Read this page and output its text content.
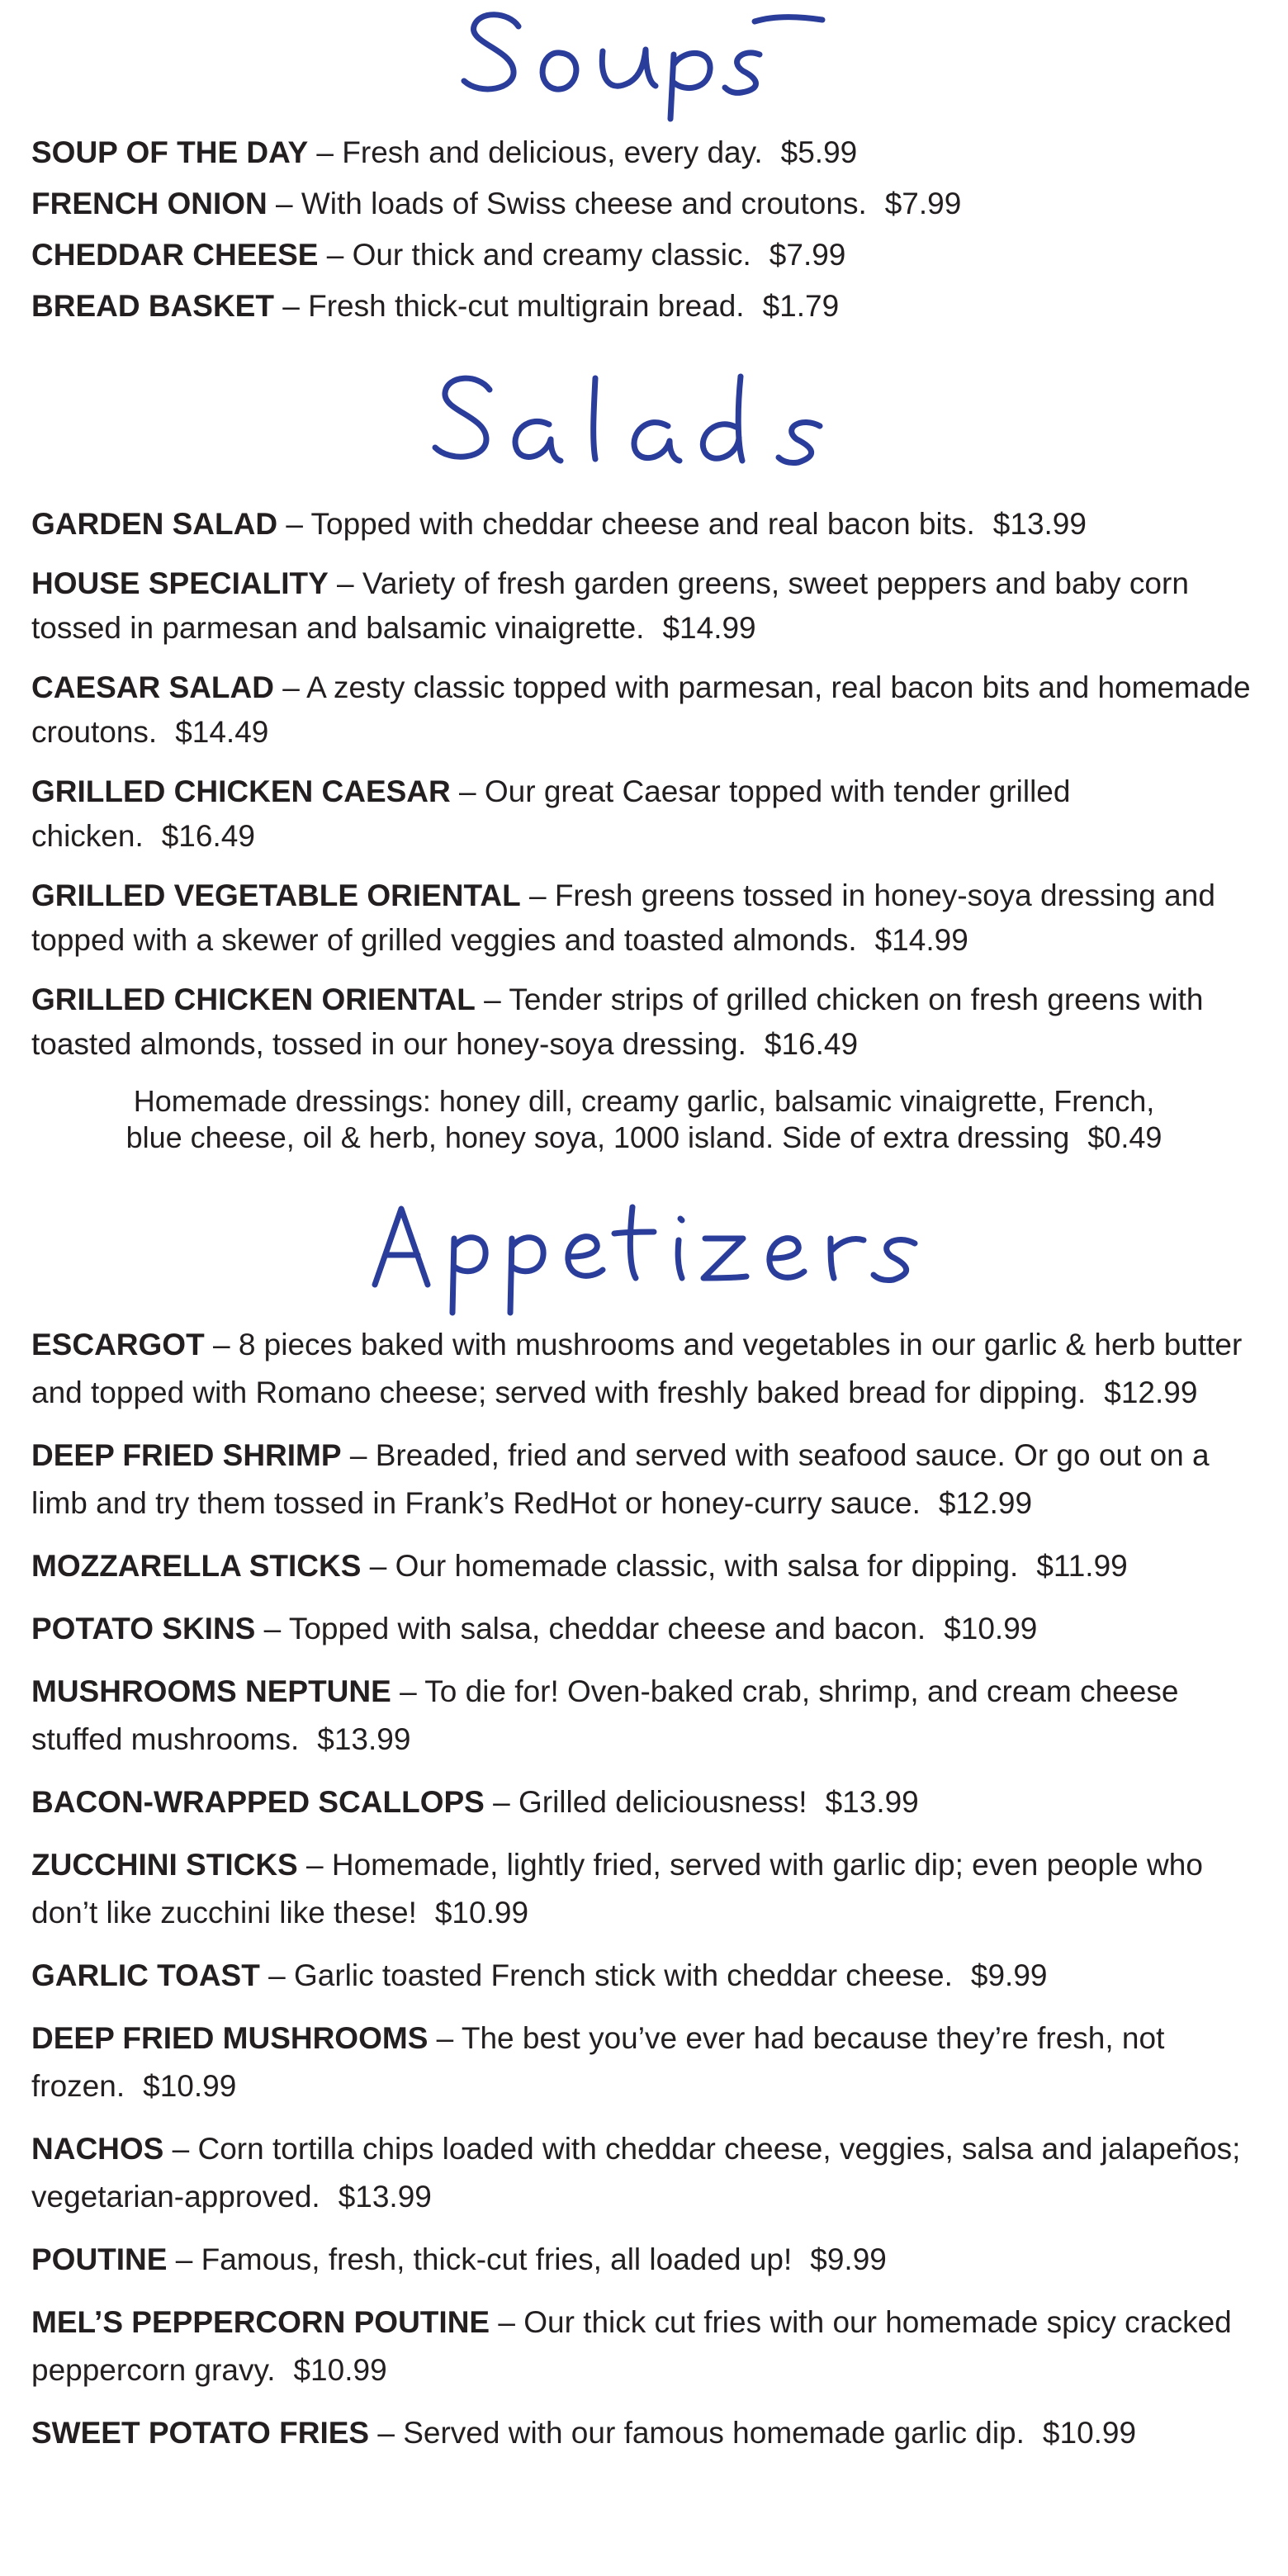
SOUP OF THE DAY – Fresh and delicious, every day. $5.99

FRENCH ONION – With loads of Swiss cheese and croutons. $7.99

CHEDDAR CHEESE – Our thick and creamy classic. $7.99

BREAD BASKET – Fresh thick-cut multigrain bread. $1.79

GARDEN SALAD – Topped with cheddar cheese and real bacon bits. $13.99

HOUSE SPECIALITY – Variety of fresh garden greens, sweet peppers and baby corn tossed in parmesan and balsamic vinaigrette. $14.99

CAESAR SALAD – A zesty classic topped with parmesan, real bacon bits and homemade croutons. $14.49

GRILLED CHICKEN CAESAR – Our great Caesar topped with tender grilled chicken. $16.49

GRILLED VEGETABLE ORIENTAL – Fresh greens tossed in honey-soya dressing and topped with a skewer of grilled veggies and toasted almonds. $14.99

GRILLED CHICKEN ORIENTAL – Tender strips of grilled chicken on fresh greens with toasted almonds, tossed in our honey-soya dressing. $16.49

Homemade dressings: honey dill, creamy garlic, balsamic vinaigrette, French,
blue cheese, oil & herb, honey soya, 1000 island. Side of extra dressing $0.49

ESCARGOT – 8 pieces baked with mushrooms and vegetables in our garlic & herb butter and topped with Romano cheese; served with freshly baked bread for dipping. $12.99

DEEP FRIED SHRIMP – Breaded, fried and served with seafood sauce. Or go out on a limb and try them tossed in Frank’s RedHot or honey-curry sauce. $12.99

MOZZARELLA STICKS – Our homemade classic, with salsa for dipping. $11.99

POTATO SKINS – Topped with salsa, cheddar cheese and bacon. $10.99

MUSHROOMS NEPTUNE – To die for! Oven-baked crab, shrimp, and cream cheese stuffed mushrooms. $13.99

BACON-WRAPPED SCALLOPS – Grilled deliciousness! $13.99

ZUCCHINI STICKS – Homemade, lightly fried, served with garlic dip; even people who don’t like zucchini like these! $10.99

GARLIC TOAST – Garlic toasted French stick with cheddar cheese. $9.99

DEEP FRIED MUSHROOMS – The best you’ve ever had because they’re fresh, not frozen. $10.99

NACHOS – Corn tortilla chips loaded with cheddar cheese, veggies, salsa and jalapeños; vegetarian-approved. $13.99

POUTINE – Famous, fresh, thick-cut fries, all loaded up! $9.99

MEL’S PEPPERCORN POUTINE – Our thick cut fries with our homemade spicy cracked peppercorn gravy. $10.99

SWEET POTATO FRIES – Served with our famous homemade garlic dip. $10.99
